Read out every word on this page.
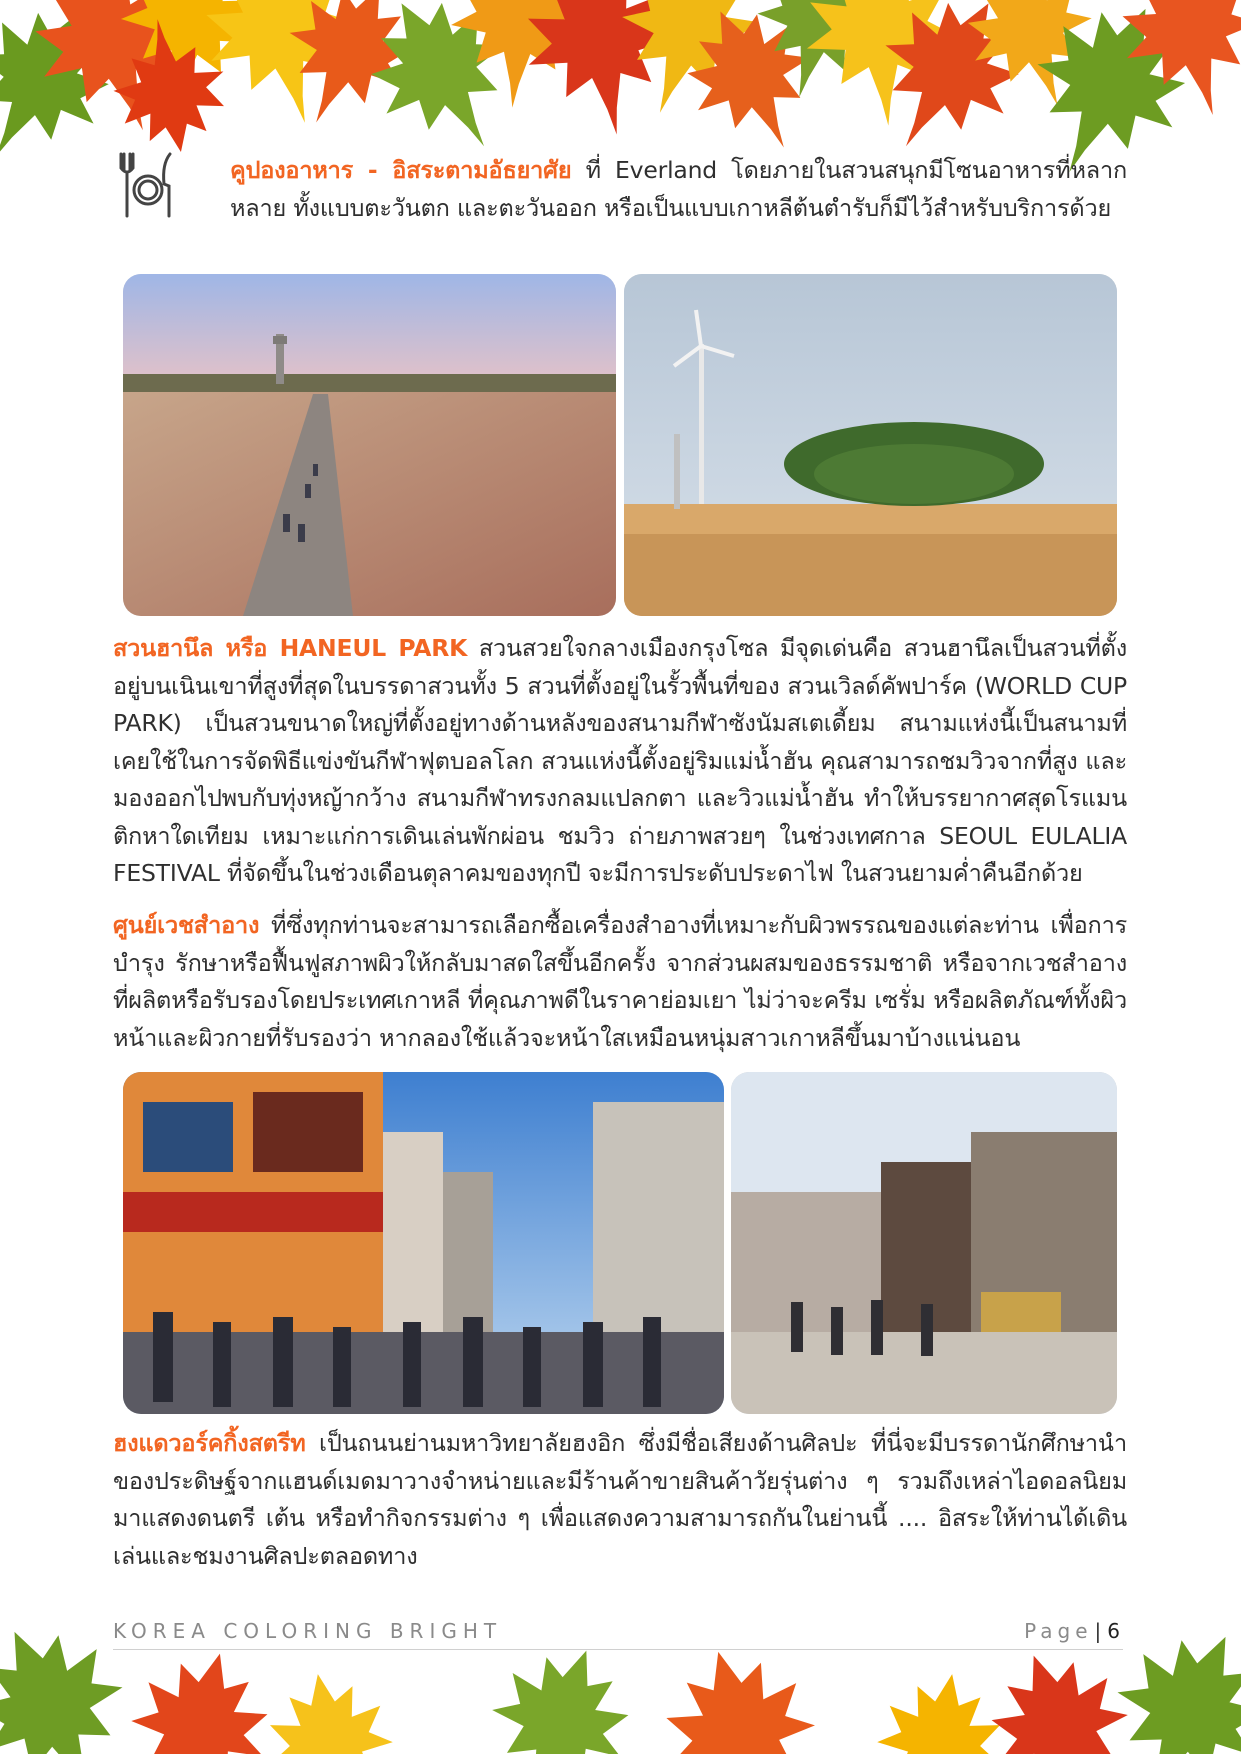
คูปองอาหาร - อิสระตามอัธยาศัย ที่ Everland โดยภายในสวนสนุกมีโซนอาหารที่หลากหลาย ทั้งแบบตะวันตก และตะวันออก หรือเป็นแบบเกาหลีต้นตำรับก็มีไว้สำหรับบริการด้วย

สวนฮานึล หรือ HANEUL PARK สวนสวยใจกลางเมืองกรุงโซล มีจุดเด่นคือ สวนฮานึลเป็นสวนที่ตั้งอยู่บนเนินเขาที่สูงที่สุดในบรรดาสวนทั้ง 5 สวนที่ตั้งอยู่ในรั้วพื้นที่ของ สวนเวิลด์คัพปาร์ค (WORLD CUP PARK) เป็นสวนขนาดใหญ่ที่ตั้งอยู่ทางด้านหลังของสนามกีฬาซังนัมสเตเดี้ยม สนามแห่งนี้เป็นสนามที่เคยใช้ในการจัดพิธีแข่งขันกีฬาฟุตบอลโลก สวนแห่งนี้ตั้งอยู่ริมแม่น้ำฮัน คุณสามารถชมวิวจากที่สูง และมองออกไปพบกับทุ่งหญ้ากว้าง สนามกีฬาทรงกลมแปลกตา และวิวแม่น้ำฮัน ทำให้บรรยากาศสุดโรแมนติกหาใดเทียม เหมาะแก่การเดินเล่นพักผ่อน ชมวิว ถ่ายภาพสวยๆ ในช่วงเทศกาล SEOUL EULALIA FESTIVAL ที่จัดขึ้นในช่วงเดือนตุลาคมของทุกปี จะมีการประดับประดาไฟ ในสวนยามค่ำคืนอีกด้วย

ศูนย์เวชสำอาง ที่ซึ่งทุกท่านจะสามารถเลือกซื้อเครื่องสำอางที่เหมาะกับผิวพรรณของแต่ละท่าน เพื่อการบำรุง รักษาหรือฟื้นฟูสภาพผิวให้กลับมาสดใสขึ้นอีกครั้ง จากส่วนผสมของธรรมชาติ หรือจากเวชสำอางที่ผลิตหรือรับรองโดยประเทศเกาหลี ที่คุณภาพดีในราคาย่อมเยา ไม่ว่าจะครีม เซรั่ม หรือผลิตภัณฑ์ทั้งผิวหน้าและผิวกายที่รับรองว่า หากลองใช้แล้วจะหน้าใสเหมือนหนุ่มสาวเกาหลีขึ้นมาบ้างแน่นอน

ฮงแดวอร์คกิ้งสตรีท เป็นถนนย่านมหาวิทยาลัยฮงอิก ซึ่งมีชื่อเสียงด้านศิลปะ ที่นี่จะมีบรรดานักศึกษานำของประดิษฐ์จากแฮนด์เมดมาวางจำหน่ายและมีร้านค้าขายสินค้าวัยรุ่นต่าง ๆ รวมถึงเหล่าไอดอลนิยมมาแสดงดนตรี เต้น หรือทำกิจกรรมต่าง ๆ เพื่อแสดงความสามารถกันในย่านนี้ .... อิสระให้ท่านได้เดินเล่นและชมงานศิลปะตลอดทาง

KOREA COLORING BRIGHT	Page | 6
